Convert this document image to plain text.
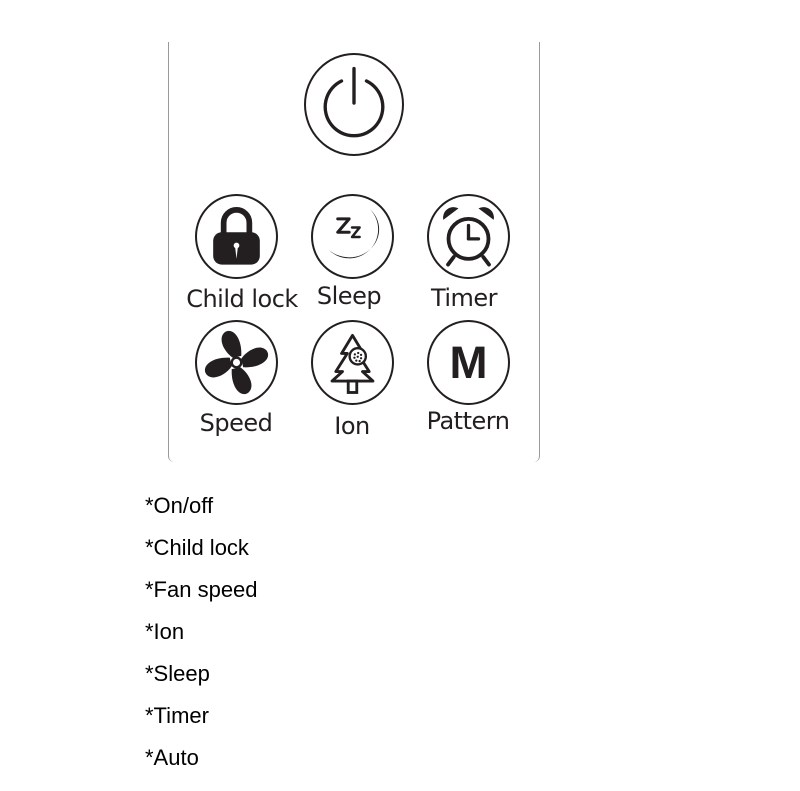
Child lock Sleep	Timer
Speed	Ion
M
Pattern
*On/off
*Child lock
*Fan speed
*Ion
*Sleep
*Timer
*Auto
